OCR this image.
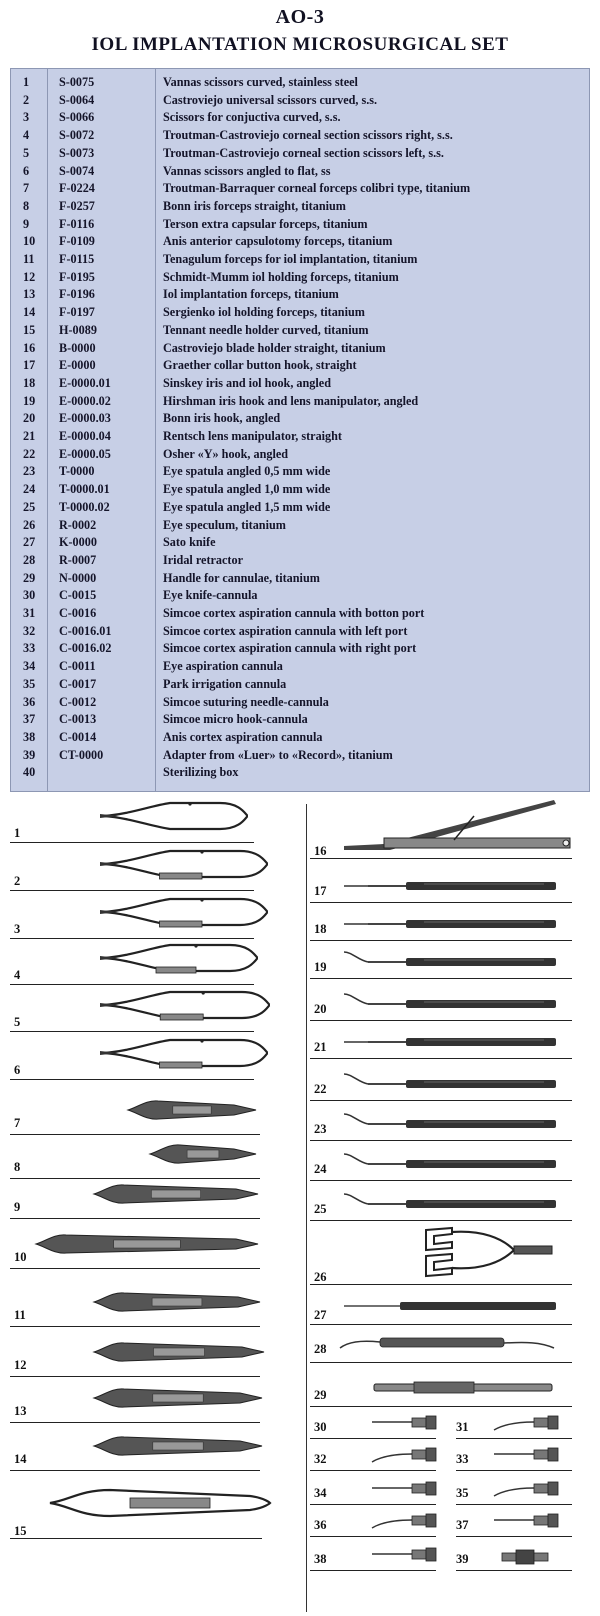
AO-3
IOL IMPLANTATION MICROSURGICAL SET
1 S-0075	Vannas scissors curved, stainless steel
2 S-0064	Castroviejo universal scissors curved, s.s.
3 S-0066	Scissors for conjuctiva curved, s.s.
4 S-0072	Troutman-Castroviejo corneal section scissors right, s.s.
5 S-0073	Troutman-Castroviejo corneal section scissors left, s.s.
6 S-0074	Vannas scissors angled to flat, ss
7 F-0224	Troutman-Barraquer corneal forceps colibri type, titanium
8 F-0257	Bonn iris forceps straight, titanium
9 F-0116	Terson extra capsular forceps, titanium
10 F-0109	Anis anterior capsulotomy forceps, titanium
11 F-0115	Tenagulum forceps for iol implantation, titanium
12 F-0195	Schmidt-Mumm iol holding forceps, titanium
13 F-0196	Iol implantation forceps, titanium
14 F-0197	Sergienko iol holding forceps, titanium
15 H-0089	Tennant needle holder curved, titanium
16 B-0000	Castroviejo blade holder straight, titanium
17 E-0000	Graether collar button hook, straight
18 E-0000.01	Sinskey iris and iol hook, angled
19 E-0000.02	Hirshman iris hook and lens manipulator, angled
20 E-0000.03	Bonn iris hook, angled
21 E-0000.04	Rentsch lens manipulator, straight
22 E-0000.05	Osher «Y» hook, angled
23 T-0000	Eye spatula angled 0,5 mm wide
24 T-0000.01	Eye spatula angled 1,0 mm wide
25 T-0000.02	Eye spatula angled 1,5 mm wide
26 R-0002	Eye speculum, titanium
27 K-0000	Sato knife
28 R-0007	Iridal retractor
29 N-0000	Handle for cannulae, titanium
30 C-0015	Eye knife-cannula
31 C-0016	Simcoe cortex aspiration cannula with botton port
32 C-0016.01	Simcoe cortex aspiration cannula with left port
33 C-0016.02	Simcoe cortex aspiration cannula with right port
34 C-0011	Eye aspiration cannula
35 C-0017	Park irrigation cannula
36 C-0012	Simcoe suturing needle-cannula
37 C-0013	Simcoe micro hook-cannula
38 C-0014	Anis cortex aspiration cannula
39 CT-0000	Adapter from «Luer» to «Record», titanium
40	Sterilizing box
1
2
3
4
5
6
7
8
9
10
11
12
13
14
15
16
17
18
19
20
21
22
23
24
25
26
27
28
29
30	31
32	33
34	35
36	37
38	39
